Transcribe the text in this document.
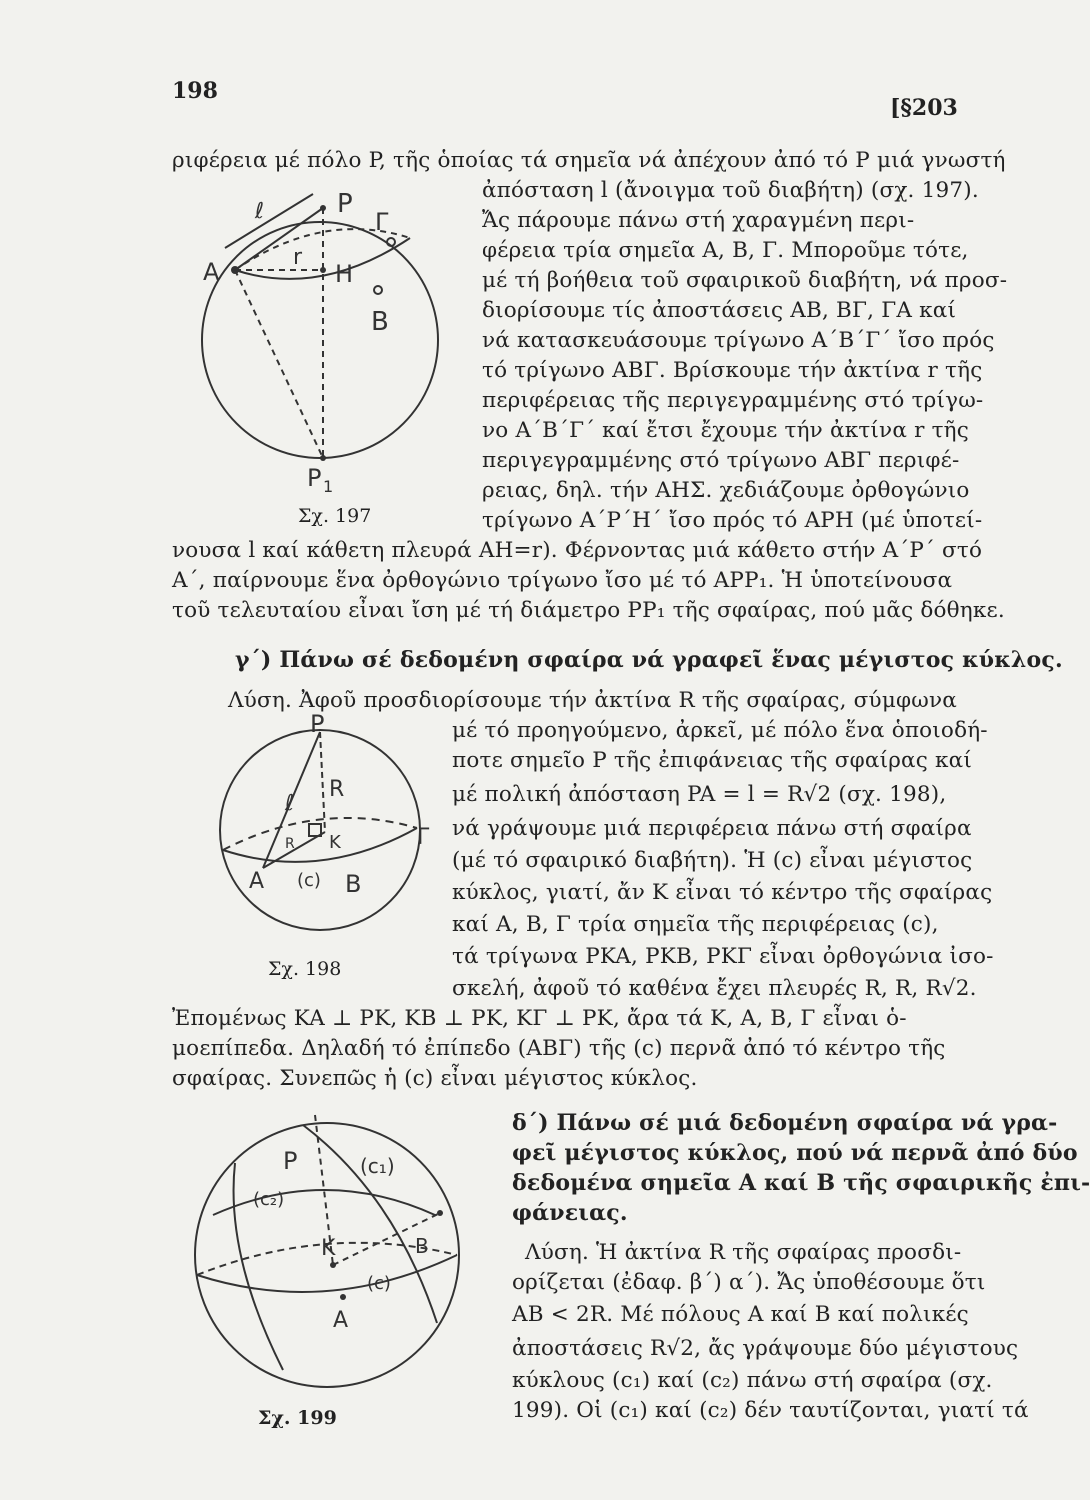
198
[§203
ριφέρεια μέ πόλο P, τῆς ὁποίας τά σημεῖα νά ἀπέχουν ἀπό τό P μιά γνωστή
ἀπόσταση l (ἄνοιγμα τοῦ διαβήτη) (σχ. 197).
Ἄς πάρουμε πάνω στή χαραγμένη περι-
φέρεια τρία σημεῖα A, B, Γ. Μποροῦμε τότε,
μέ τή βοήθεια τοῦ σφαιρικοῦ διαβήτη, νά προσ-
διορίσουμε τίς ἀποστάσεις AB, BΓ, ΓA καί
νά κατασκευάσουμε τρίγωνο A΄B΄Γ΄ ἴσο πρός
τό τρίγωνο ABΓ. Βρίσκουμε τήν ἀκτίνα r τῆς
περιφέρειας τῆς περιγεγραμμένης στό τρίγω-
νο A΄B΄Γ΄ καί ἔτσι ἔχουμε τήν ἀκτίνα r τῆς
περιγεγραμμένης στό τρίγωνο ABΓ περιφέ-
ρειας, δηλ. τήν AHΣ. χεδιάζουμε ὀρθογώνιο
τρίγωνο A΄P΄H΄ ἴσο πρός τό APH (μέ ὑποτεί-
νουσα l καί κάθετη πλευρά AH=r). Φέρνοντας μιά κάθετο στήν A΄P΄ στό
A΄, παίρνουμε ἕνα ὀρθογώνιο τρίγωνο ἴσο μέ τό APP₁. Ἡ ὑποτείνουσα
τοῦ τελευταίου εἶναι ἴση μέ τή διάμετρο PP₁ τῆς σφαίρας, πού μᾶς δόθηκε.
ℓ	P
Γ
A
r
H
B
P 1
Σχ. 197
γ΄) Πάνω σέ δεδομένη σφαίρα νά γραφεῖ ἕνας μέγιστος κύκλος.
Λύση. Ἀφοῦ προσδιορίσουμε τήν ἀκτίνα R τῆς σφαίρας, σύμφωνα
μέ τό προηγούμενο, ἀρκεῖ, μέ πόλο ἕνα ὁποιοδή-
ποτε σημεῖο P τῆς ἐπιφάνειας τῆς σφαίρας καί
μέ πολική ἀπόσταση PA = l = R√2 (σχ. 198),
νά γράψουμε μιά περιφέρεια πάνω στή σφαίρα
(μέ τό σφαιρικό διαβήτη). Ἡ (c) εἶναι μέγιστος
κύκλος, γιατί, ἄν K εἶναι τό κέντρο τῆς σφαίρας
καί A, B, Γ τρία σημεῖα τῆς περιφέρειας (c),
τά τρίγωνα PKA, PKB, PKΓ εἶναι ὀρθογώνια ἰσο-
σκελή, ἀφοῦ τό καθένα ἔχει πλευρές R, R, R√2.
Ἐπομένως KA ⊥ PK, KB ⊥ PK, KΓ ⊥ PK, ἄρα τά K, A, B, Γ εἶναι ὁ-
μοεπίπεδα. Δηλαδή τό ἐπίπεδο (ABΓ) τῆς (c) περνᾶ ἀπό τό κέντρο τῆς
σφαίρας. Συνεπῶς ἡ (c) εἶναι μέγιστος κύκλος.
P
ℓ
R
R K	Γ
A (c) B
Σχ. 198
P	(c₁)
(c₂)
K
(c)
A
B
Σχ. 199
δ΄) Πάνω σέ μιά δεδομένη σφαίρα νά γρα-
φεῖ μέγιστος κύκλος, πού νά περνᾶ ἀπό δύο
δεδομένα σημεῖα A καί B τῆς σφαιρικῆς ἐπι-
φάνειας.
Λύση. Ἡ ἀκτίνα R τῆς σφαίρας προσδι-
ορίζεται (ἐδαφ. β΄) α΄). Ἄς ὑποθέσουμε ὅτι
AB < 2R. Μέ πόλους A καί B καί πολικές
ἀποστάσεις R√2, ἄς γράψουμε δύο μέγιστους
κύκλους (c₁) καί (c₂) πάνω στή σφαίρα (σχ.
199). Οἱ (c₁) καί (c₂) δέν ταυτίζονται, γιατί τά
